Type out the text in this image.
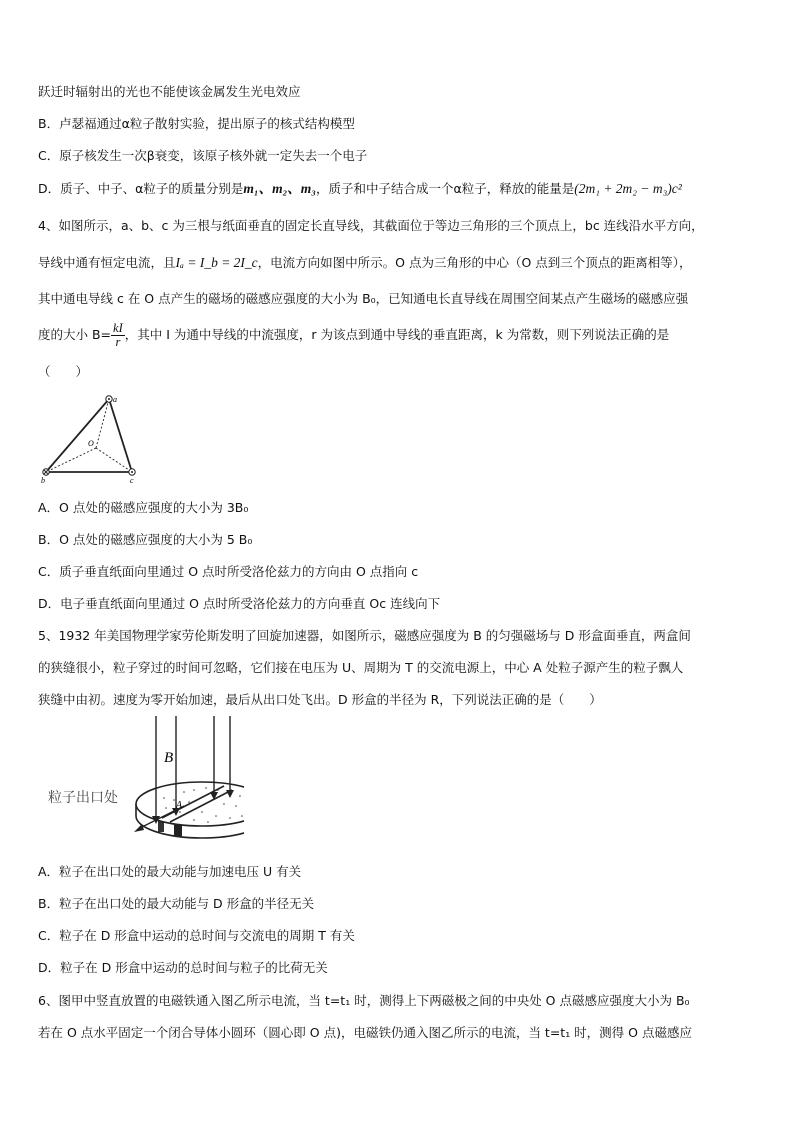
跃迁时辐射出的光也不能使该金属发生光电效应
B．卢瑟福通过α粒子散射实验，提出原子的核式结构模型
C．原子核发生一次β衰变，该原子核外就一定失去一个电子
D．质子、中子、α粒子的质量分别是m₁、m₂、m₃，质子和中子结合成一个α粒子，释放的能量是(2m₁ + 2m₂ − m₃)c²
4、如图所示，a、b、c 为三根与纸面垂直的固定长直导线，其截面位于等边三角形的三个顶点上，bc 连线沿水平方向，
导线中通有恒定电流，且Iₐ = I_b = 2I_c，电流方向如图中所示。O 点为三角形的中心（O 点到三个顶点的距离相等），
其中通电导线 c 在 O 点产生的磁场的磁感应强度的大小为 B₀，已知通电长直导线在周围空间某点产生磁场的磁感应强
度的大小 $B= \frac{kI}{r}$ ，其中 I 为通中导线的中流强度，r 为该点到通中导线的垂直距离，k 为常数，则下列说法正确的是
（　　）
a
b	c
O
A．O 点处的磁感应强度的大小为 3B₀
B．O 点处的磁感应强度的大小为 5 B₀
C．质子垂直纸面向里通过 O 点时所受洛伦兹力的方向由 O 点指向 c
D．电子垂直纸面向里通过 O 点时所受洛伦兹力的方向垂直 Oc 连线向下
5、1932 年美国物理学家劳伦斯发明了回旋加速器，如图所示，磁感应强度为 B 的匀强磁场与 D 形盒面垂直，两盒间
的狭缝很小，粒子穿过的时间可忽略，它们接在电压为 U、周期为 T 的交流电源上，中心 A 处粒子源产生的粒子飘人
狭缝中由初。速度为零开始加速，最后从出口处飞出。D 形盒的半径为 R，下列说法正确的是（　　）
B
A
粒子出口处
A．粒子在出口处的最大动能与加速电压 U 有关
B．粒子在出口处的最大动能与 D 形盒的半径无关
C．粒子在 D 形盒中运动的总时间与交流电的周期 T 有关
D．粒子在 D 形盒中运动的总时间与粒子的比荷无关
6、图甲中竖直放置的电磁铁通入图乙所示电流，当 t=t₁ 时，测得上下两磁极之间的中央处 O 点磁感应强度大小为 B₀
若在 O 点水平固定一个闭合导体小圆环（圆心即 O 点)，电磁铁仍通入图乙所示的电流，当 t=t₁ 时，测得 O 点磁感应
